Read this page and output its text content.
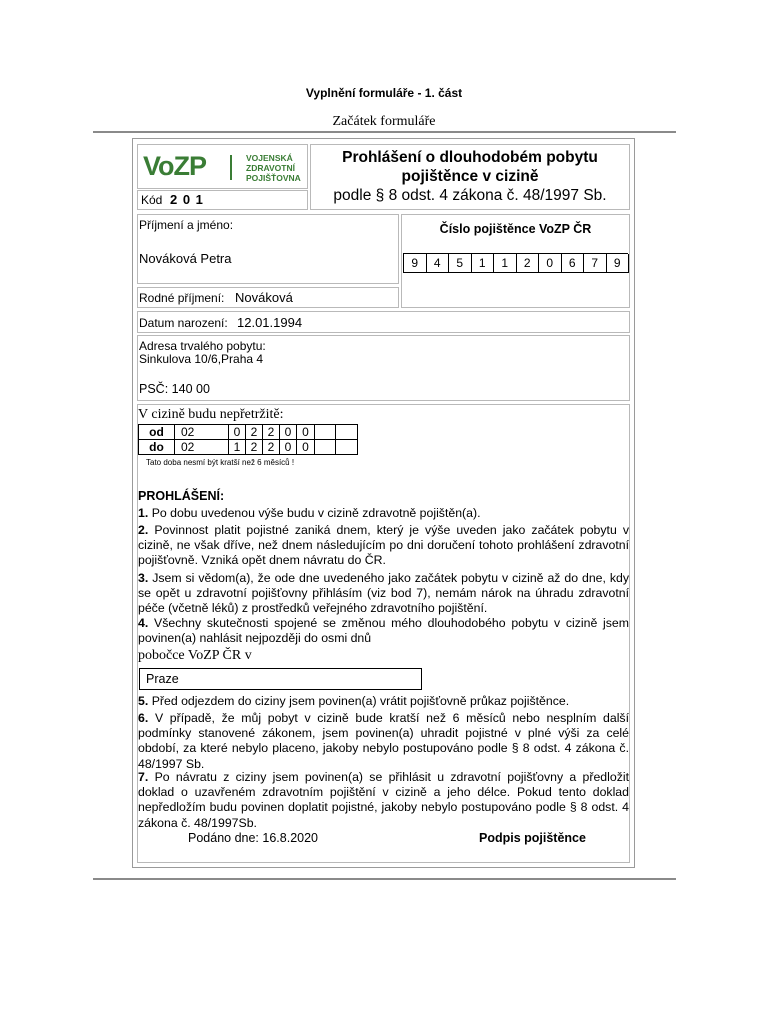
Vyplnění formuláře - 1. část
Začátek formuláře
VoZP	VOJENSKÁ
ZDRAVOTNÍ
POJIŠŤOVNA
Kód 2 0 1
Prohlášení o dlouhodobém pobytu
pojištěnce v cizině
podle § 8 odst. 4 zákona č. 48/1997 Sb.
Příjmení a jméno:
Nováková Petra
Číslo pojištěnce VoZP ČR
9	4	5	1	1	2	0	6	7	9
Rodné příjmení: Nováková
Datum narození: 12.01.1994
Adresa trvalého pobytu:
Sinkulova 10/6,Praha 4
PSČ: 140 00
V cizině budu nepřetržitě:
od	02	0 2 2 0 0
do	02	1 2 2 0 0
Tato doba nesmí být kratší než 6 měsíců !
PROHLÁŠENÍ:
1. Po dobu uvedenou výše budu v cizině zdravotně pojištěn(a).
2. Povinnost platit pojistné zaniká dnem, který je výše uveden jako začátek pobytu v cizině, ne však dříve, než dnem následujícím po dni doručení tohoto prohlášení zdravotní pojišťovně. Vzniká opět dnem návratu do ČR.
3. Jsem si vědom(a), že ode dne uvedeného jako začátek pobytu v cizině až do dne, kdy se opět u zdravotní pojišťovny přihlásím (viz bod 7), nemám nárok na úhradu zdravotní péče (včetně léků) z prostředků veřejného zdravotního pojištění.
4. Všechny skutečnosti spojené se změnou mého dlouhodobého pobytu v cizině jsem povinen(a) nahlásit nejpozději do osmi dnů
pobočce VoZP ČR v
Praze
5. Před odjezdem do ciziny jsem povinen(a) vrátit pojišťovně průkaz pojištěnce.
6. V případě, že můj pobyt v cizině bude kratší než 6 měsíců nebo nesplním další podmínky stanovené zákonem, jsem povinen(a) uhradit pojistné v plné výši za celé období, za které nebylo placeno, jakoby nebylo postupováno podle § 8 odst. 4 zákona č. 48/1997 Sb.
7. Po návratu z ciziny jsem povinen(a) se přihlásit u zdravotní pojišťovny a předložit doklad o uzavřeném zdravotním pojištění v cizině a jeho délce. Pokud tento doklad nepředložím budu povinen doplatit pojistné, jakoby nebylo postupováno podle § 8 odst. 4 zákona č. 48/1997Sb.
Podáno dne: 16.8.2020	Podpis pojištěnce
